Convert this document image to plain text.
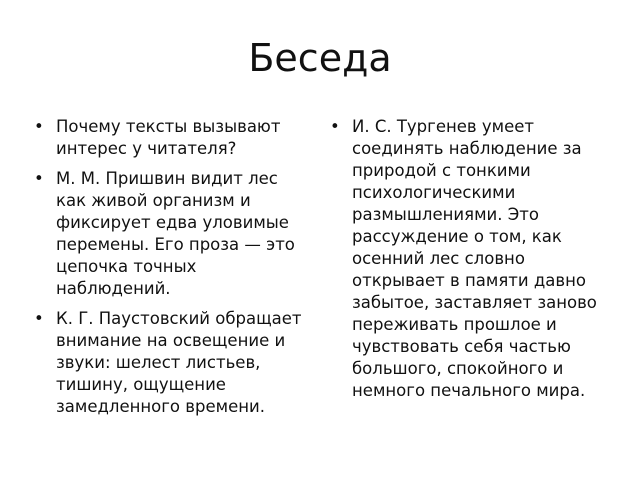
Беседа
• Почему тексты вызывают интерес у читателя?
• М. М. Пришвин видит лес как живой организм и фиксирует едва уловимые перемены. Его проза — это цепочка точных наблюдений.
• К. Г. Паустовский обращает внимание на освещение и звуки: шелест листьев, тишину, ощущение замедленного времени.
• И. С. Тургенев умеет соединять наблюдение за природой с тонкими психологическими размышлениями. Это рассуждение о том, как осенний лес словно открывает в памяти давно забытое, заставляет заново переживать прошлое и чувствовать себя частью большого, спокойного и немного печального мира.
